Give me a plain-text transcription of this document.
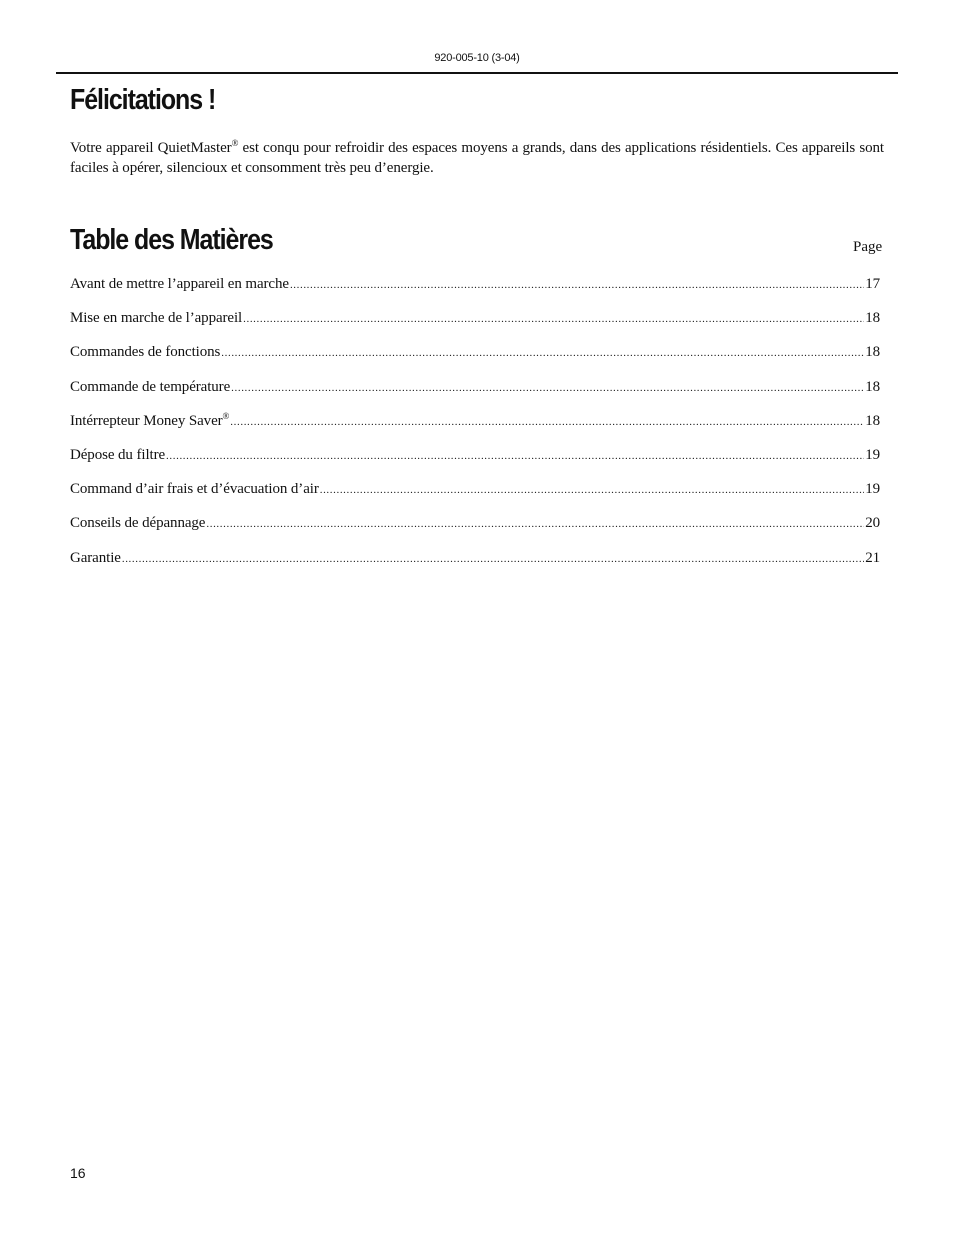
920-005-10 (3-04)
Félicitations !

Votre appareil QuietMaster® est conqu pour refroidir des espaces moyens a grands, dans des applications résidentiels. Ces appareils sont faciles à opérer, silencioux et consomment très peu d’energie.

Table des Matières	Page
Avant de mettre l’appareil en marche .....	17
Mise en marche de l’appareil .....	18
Commandes de fonctions .....	18
Commande de température .....	18
Intérrepteur Money Saver® .....	18
Dépose du filtre .....	19
Command d’air frais et d’évacuation d’air .....	19
Conseils de dépannage .....	20
Garantie .....	21
16
